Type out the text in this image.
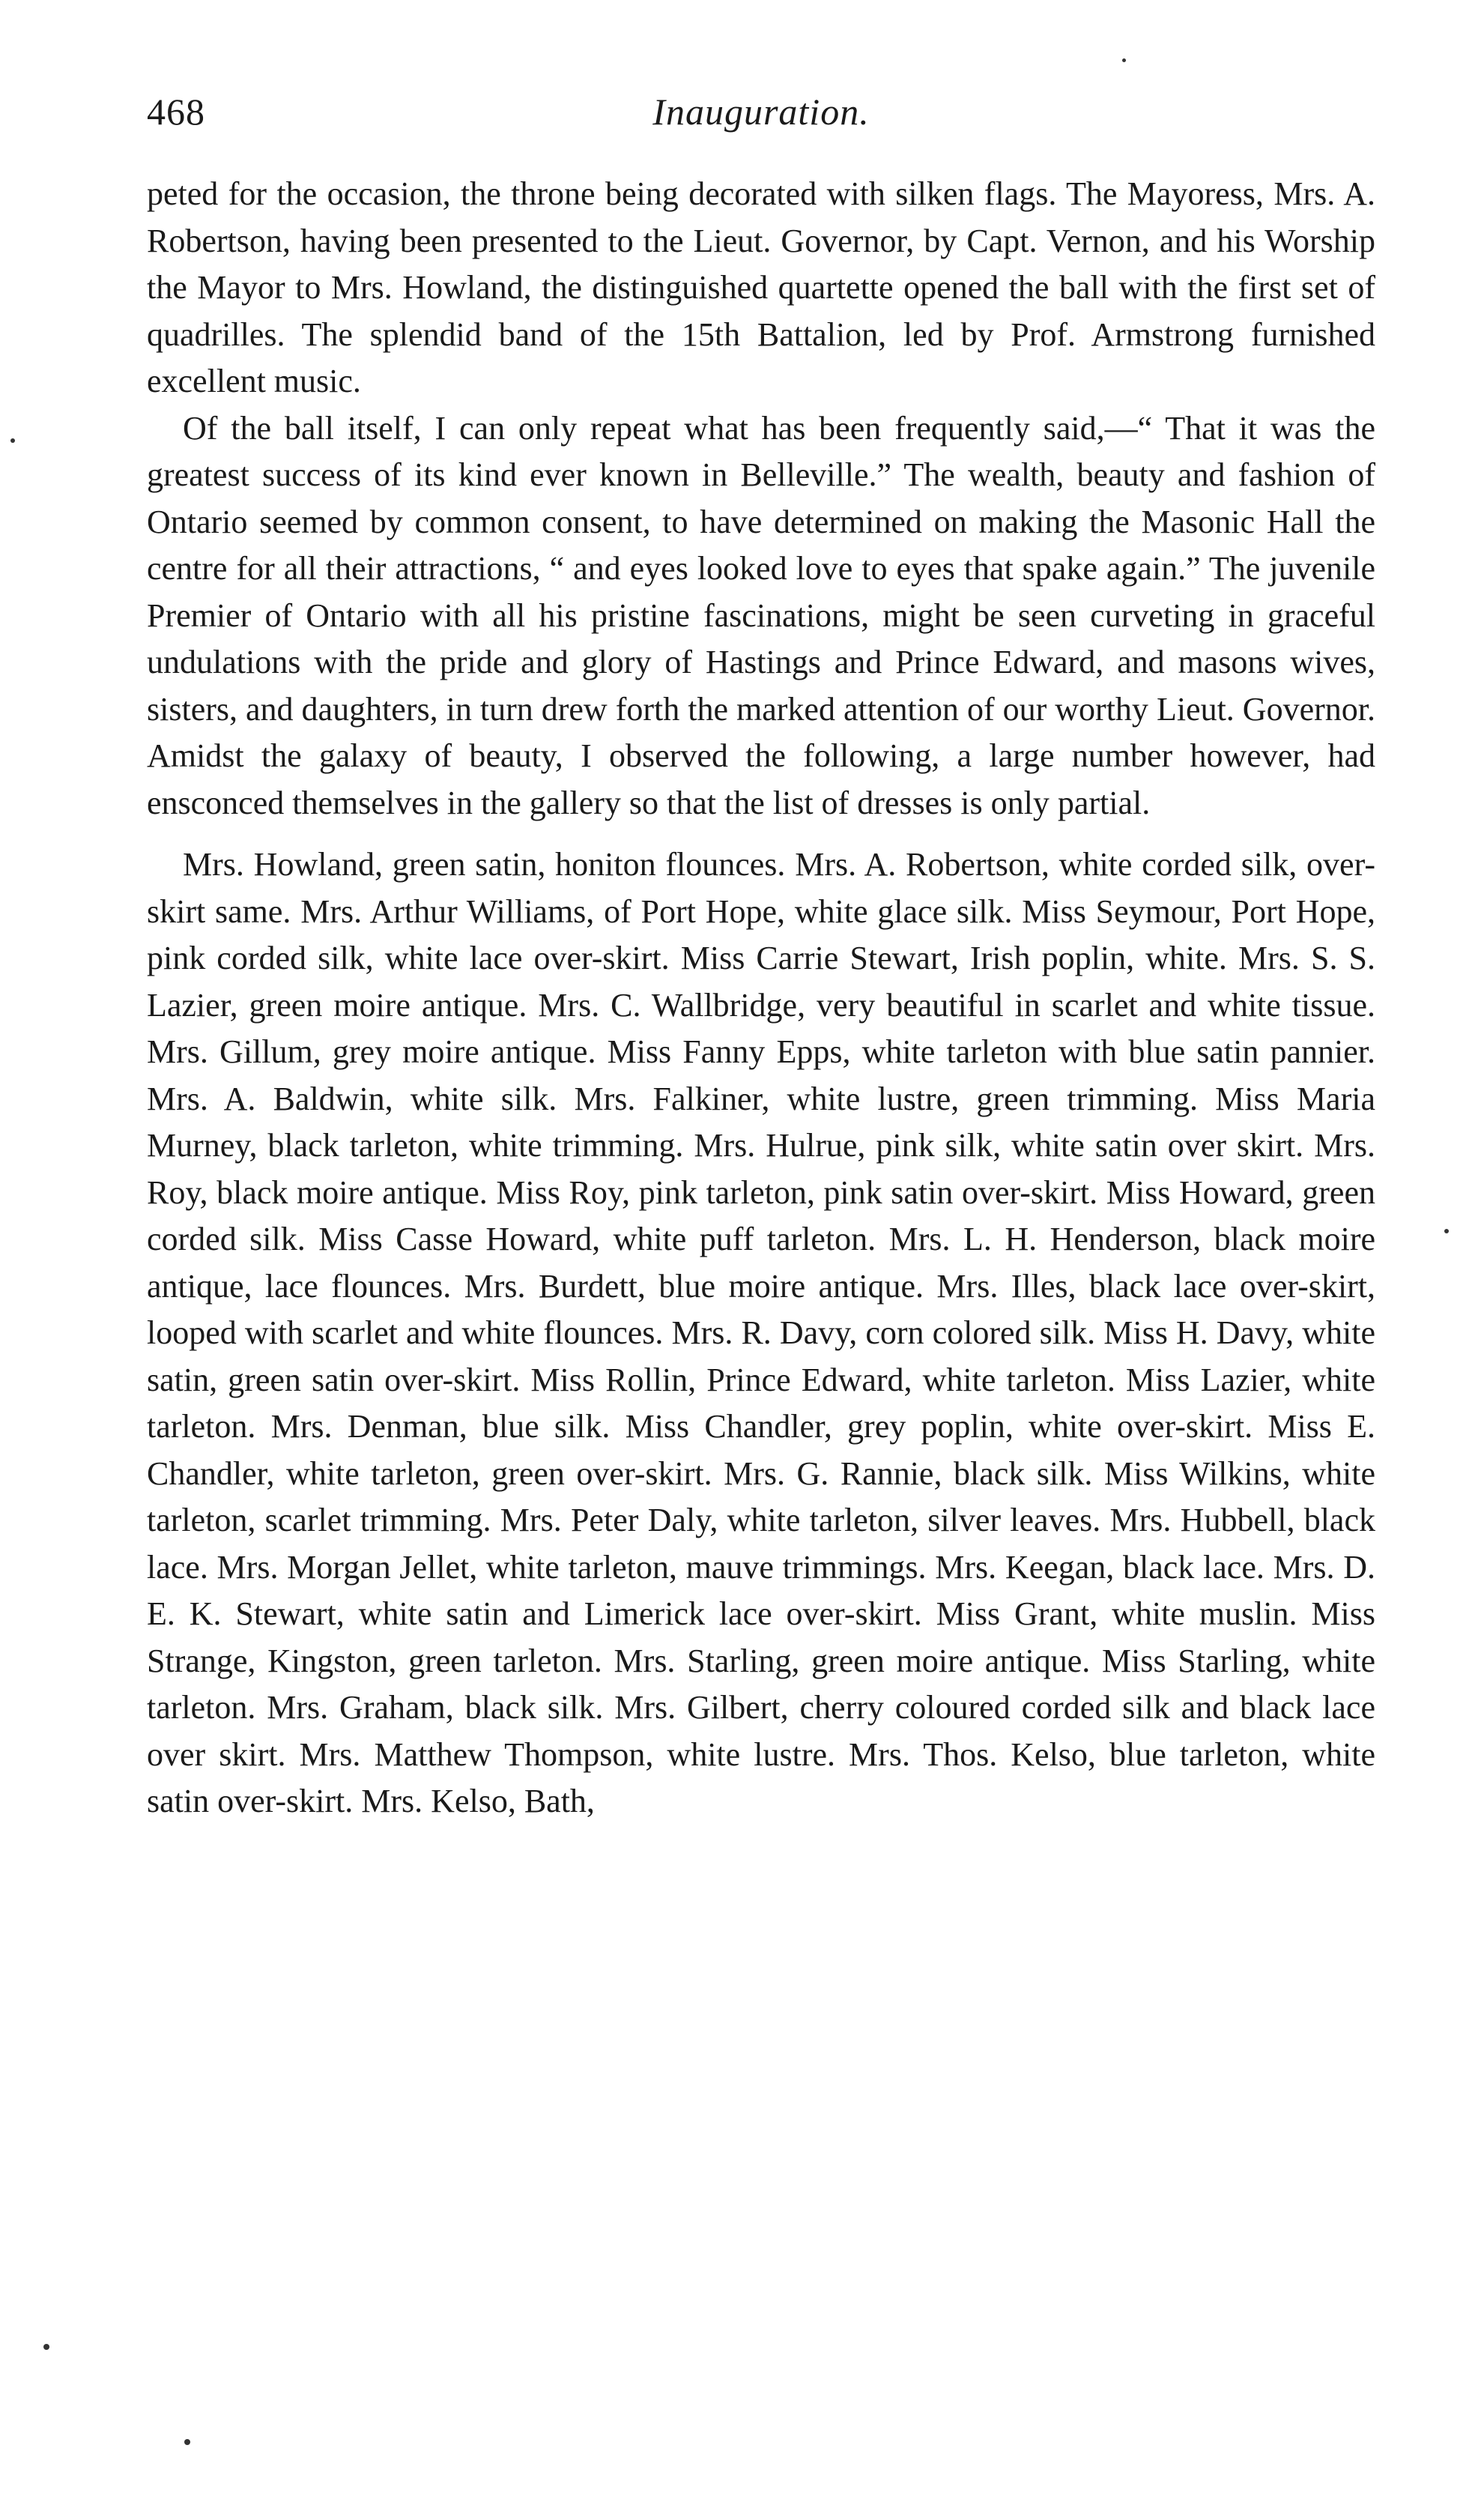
468	Inauguration.

peted for the occasion, the throne being decorated with silken flags. The Mayoress, Mrs. A. Robertson, having been presented to the Lieut. Governor, by Capt. Vernon, and his Worship the Mayor to Mrs. Howland, the distinguished quartette opened the ball with the first set of quadrilles. The splendid band of the 15th Battalion, led by Prof. Armstrong furnished excellent music.

Of the ball itself, I can only repeat what has been frequently said,—“ That it was the greatest success of its kind ever known in Belleville.” The wealth, beauty and fashion of Ontario seemed by common consent, to have determined on making the Masonic Hall the centre for all their attractions, “ and eyes looked love to eyes that spake again.” The juvenile Premier of Ontario with all his pristine fascinations, might be seen curveting in graceful undulations with the pride and glory of Hastings and Prince Edward, and masons wives, sisters, and daughters, in turn drew forth the marked attention of our worthy Lieut. Governor. Amidst the galaxy of beauty, I observed the following, a large number however, had ensconced themselves in the gallery so that the list of dresses is only partial.

Mrs. Howland, green satin, honiton flounces. Mrs. A. Robertson, white corded silk, over-skirt same. Mrs. Arthur Williams, of Port Hope, white glace silk. Miss Seymour, Port Hope, pink corded silk, white lace over-skirt. Miss Carrie Stewart, Irish poplin, white. Mrs. S. S. Lazier, green moire antique. Mrs. C. Wallbridge, very beautiful in scarlet and white tissue. Mrs. Gillum, grey moire antique. Miss Fanny Epps, white tarleton with blue satin pannier. Mrs. A. Baldwin, white silk. Mrs. Falkiner, white lustre, green trimming. Miss Maria Murney, black tarleton, white trimming. Mrs. Hulrue, pink silk, white satin over skirt. Mrs. Roy, black moire antique. Miss Roy, pink tarleton, pink satin over-skirt. Miss Howard, green corded silk. Miss Casse Howard, white puff tarleton. Mrs. L. H. Henderson, black moire antique, lace flounces. Mrs. Burdett, blue moire antique. Mrs. Illes, black lace over-skirt, looped with scarlet and white flounces. Mrs. R. Davy, corn colored silk. Miss H. Davy, white satin, green satin over-skirt. Miss Rollin, Prince Edward, white tarleton. Miss Lazier, white tarleton. Mrs. Denman, blue silk. Miss Chandler, grey poplin, white over-skirt. Miss E. Chandler, white tarleton, green over-skirt. Mrs. G. Rannie, black silk. Miss Wilkins, white tarleton, scarlet trimming. Mrs. Peter Daly, white tarleton, silver leaves. Mrs. Hubbell, black lace. Mrs. Morgan Jellet, white tarleton, mauve trimmings. Mrs. Keegan, black lace. Mrs. D. E. K. Stewart, white satin and Limerick lace over-skirt. Miss Grant, white muslin. Miss Strange, Kingston, green tarleton. Mrs. Starling, green moire antique. Miss Starling, white tarleton. Mrs. Graham, black silk. Mrs. Gilbert, cherry coloured corded silk and black lace over skirt. Mrs. Matthew Thompson, white lustre. Mrs. Thos. Kelso, blue tarleton, white satin over-skirt. Mrs. Kelso, Bath,
